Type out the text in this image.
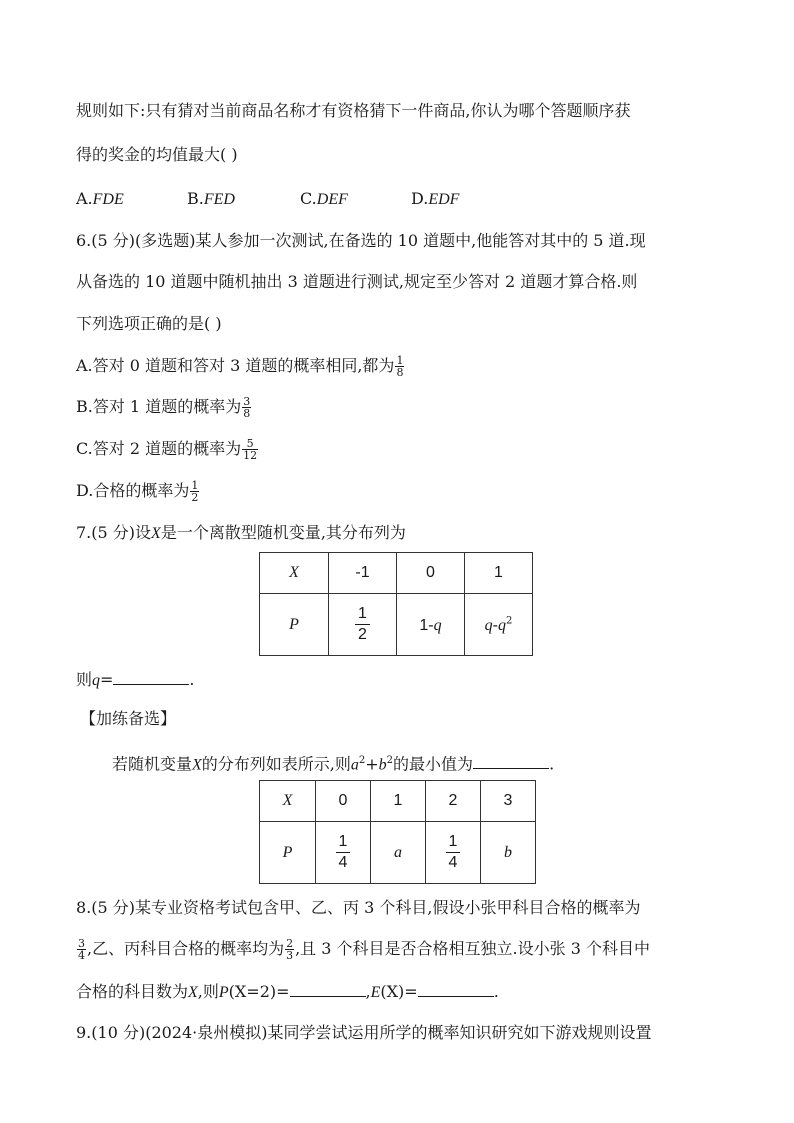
规则如下:只有猜对当前商品名称才有资格猜下一件商品,你认为哪个答题顺序获
得的奖金的均值最大( )
A.FDE	B.FED	C.DEF	D.EDF
6.(5 分)(多选题)某人参加一次测试,在备选的 10 道题中,他能答对其中的 5 道.现
从备选的 10 道题中随机抽出 3 道题进行测试,规定至少答对 2 道题才算合格.则
下列选项正确的是( )
A.答对 0 道题和答对 3 道题的概率相同,都为 $\frac{1}{8}$
B.答对 1 道题的概率为 $\frac{3}{8}$
C.答对 2 道题的概率为 $\frac{5}{12}$
D.合格的概率为 $\frac{1}{2}$
7.(5 分)设X是一个离散型随机变量,其分布列为
X	-1	0	1
P	$\frac{1}{2}$	1-q	$q-q^2$
则q=	.
【加练备选】
若随机变量X的分布列如表所示,则$a^2+b^2$的最小值为	.
X	0	1	2	3
P	$\frac{1}{4}$	a	$\frac{1}{4}$	b
8.(5 分)某专业资格考试包含甲、乙、丙 3 个科目,假设小张甲科目合格的概率为
$\frac{3}{4}$ ,乙、丙科目合格的概率均为 $\frac{2}{3}$ ,且 3 个科目是否合格相互独立.设小张 3 个科目中
合格的科目数为X,则P(X=2)=	,E(X)=	.
9.(10 分)(2024·泉州模拟)某同学尝试运用所学的概率知识研究如下游戏规则设置
